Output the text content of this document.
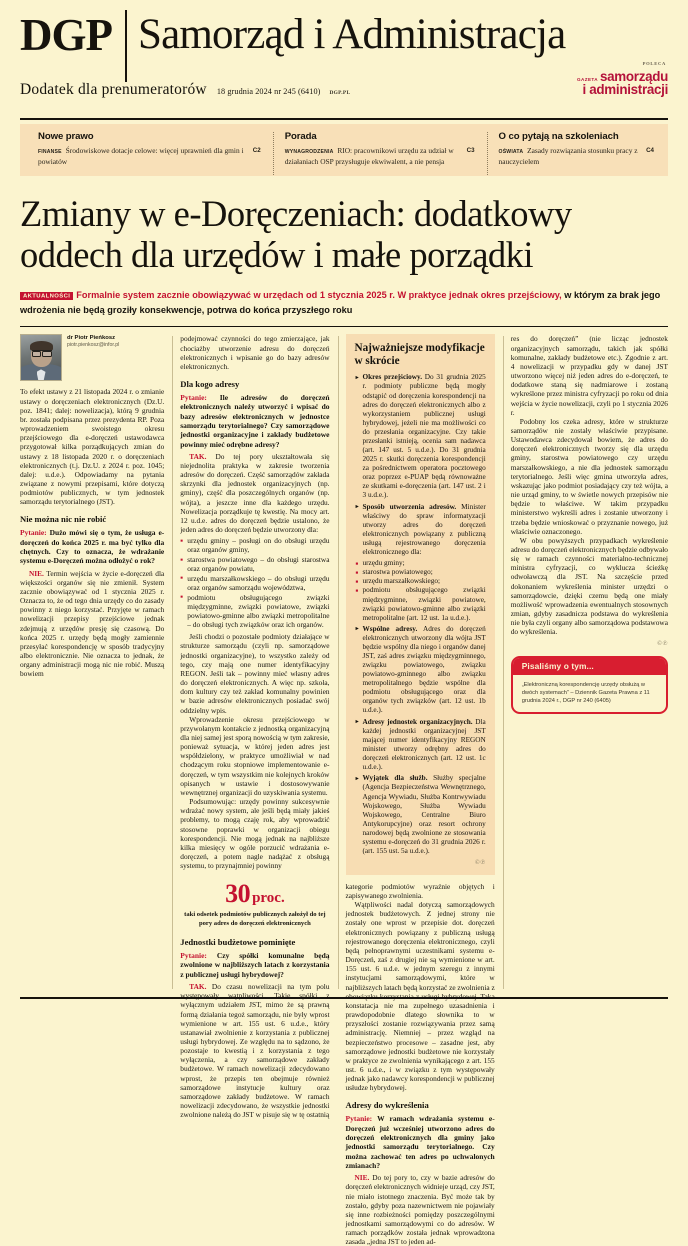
DGP Samorząd i Administracja
Dodatek dla prenumeratorów 18 grudnia 2024 nr 245 (6410) DGP.PL
POLECA
GAZETA samorządu
i administracji
Nowe prawo
C2
FINANSE Środowiskowe dotacje celowe: więcej uprawnień dla gmin i powiatów
Porada
C3
WYNAGRODZENIA RIO: pracownikowi urzędu za udział w działaniach OSP przysługuje ekwiwalent, a nie pensja
O co pytają na szkoleniach
C4
OŚWIATA Zasady rozwiązania stosunku pracy z nauczycielem
Zmiany w e-Doręczeniach: dodatkowy oddech dla urzędów i małe porządki
AKTUALNOŚCI Formalnie system zacznie obowiązywać w urzędach od 1 stycznia 2025 r. W praktyce jednak okres przejściowy, w którym za brak jego wdrożenia nie będą groziły konsekwencje, potrwa do końca przyszłego roku
dr Piotr Pieńkosz
piotr.pienkosz@infor.pl

To efekt ustawy z 21 listopada 2024 r. o zmianie ustawy o doręczeniach elektronicznych (Dz.U. poz. 1841; dalej: nowelizacja), którą 9 grudnia br. została podpisana przez prezydenta RP. Poza wprowadzeniem swoistego okresu przejściowego dla e-doręczeń ustawodawca przygotował kilka porządkujących zmian do ustawy z 18 listopada 2020 r. o doręczeniach elektronicznych (t.j. Dz.U. z 2024 r. poz. 1045; dalej: u.d.e.). Odpowiadamy na pytania związane z nowymi przepisami, które dotyczą podmiotów publicznych, w tym jednostek samorządu terytorialnego (JST).

Nie można nic nie robić

Pytanie: Dużo mówi się o tym, że usługa e-doręczeń do końca 2025 r. ma być tylko dla chętnych. Czy to oznacza, że wdrażanie systemu e-Doręczeń można odłożyć o rok?

NIE. Termin wejścia w życie e-doręczeń dla większości organów się nie zmienił. System zacznie obowiązywać od 1 stycznia 2025 r. Oznacza to, że od tego dnia urzędy co do zasady powinny z niego korzystać. Przyjęte w ramach nowelizacji przepisy przejściowe jednak zdejmują z urzędów presję się czasową. Do końca 2025 r. urzędy będą mogły zamiennie przesyłać korespondencję w sposób tradycyjny albo elektronicznie. Nie oznacza to jednak, że organy administracji mogą nic nie robić. Muszą bowiem

podejmować czynności do tego zmierzające, jak chociażby utworzenie adresu do doręczeń elektronicznych i wpisanie go do bazy adresów elektronicznych.

Dla kogo adresy

Pytanie: Ile adresów do doręczeń elektronicznych należy utworzyć i wpisać do bazy adresów elektronicznych w jednostce samorządu terytorialnego? Czy samorządowe jednostki organizacyjne i zakłady budżetowe powinny mieć odrębne adresy?

TAK. Do tej pory ukształtowała się niejednolita praktyka w zakresie tworzenia adresów do doręczeń. Część samorządów zakłada skrzynki dla jednostek organizacyjnych (np. gminy), część dla poszczególnych organów (np. wójta), a jeszcze inne dla każdego urzędu. Nowelizacja porządkuje tę kwestię. Na mocy art. 12 u.d.e. adres do doręczeń będzie ustalono, że jeden adres do doręczeń będzie utworzony dla:

■ urzędu gminy – posługi on do obsługi urzędu oraz organów gminy,
■ starostwa powiatowego – do obsługi starostwa oraz organów powiatu,
■ urzędu marszałkowskiego – do obsługi urzędu oraz organów samorządu województwa,
■ podmiotu obsługującego związki międzygminne, związki powiatowe, związki powiatowo-gminne albo związki metropolitalne – do obsługi tych związków oraz ich organów.

Jeśli chodzi o pozostałe podmioty działające w strukturze samorządu (czyli np. samorządowe jednostki organizacyjne), to wszystko zależy od tego, czy mają one numer identyfikacyjny REGON. Jeśli tak – powinny mieć własny adres do doręczeń elektronicznych. A więc np. szkoła, dom kultury czy też zakład komunalny powinien w bazie adresów elektronicznych posiadać swój oddzielny wpis.

Wprowadzenie okresu przejściowego w przywołanym kontakcie z jednostką organizacyjną dla niej samej jest sporą nowością w tym zakresie, ponieważ sytuacja, w której jeden adres jest współdzielony, w praktyce umożliwiał w nad chodzącym roku stopniowe implementowanie e-doręczeń, w tym wszystkim nie kolejnych kroków opisanych w ustawie i dostosowywanie wewnętrznej organizacji do uzyskiwania systemu.

Podsumowując: urzędy powinny sukcesywnie wdrażać nowy system, ale jeśli będą miały jakieś problemy, to mogą czaję rok, aby wprowadzić stosowne poprawki w organizacji obiegu korespondencji. Nie mogą jednak na najbliższe kilka miesięcy w ogóle porzucić wdrażania e-doręczeń, a potem nagle nadążać z obsługą systemu, to przynajmniej powinny

30 proc.
taki odsetek podmiotów publicznych założył do tej pory adres do doręczeń elektronicznych
Jednostki budżetowe pominięte

Pytanie: Czy spółki komunalne będą zwolnione w najbliższych latach z korzystania z publicznej usługi hybrydowej?

TAK. Do czasu nowelizacji na tym polu występowały wątpliwości. Takie spółki z wyłącznym udziałem JST, mimo że są prawną formą działania tegoż samorządu, nie były wprost wymienione w art. 155 ust. 6 u.d.e., który ustanawiał zwolnienie z korzystania z publicznej usługi hybrydowej. Ze względu na to sądzono, że pozostaje to kwestią i z korzystania z tego wyłączenia, a czy samorządowe zakłady budżetowe. W ramach nowelizacji zdecydowano wprost, że przepis ten obejmuje również samorządowe instytucje kultury oraz samorządowe zakłady budżetowe. W ramach nowelizacji zdecydowano, że wszystkie jednostki zwolnione należą do JST w pisuje się w tę ostatnią

Najważniejsze modyfikacje w skrócie
► Okres przejściowy. Do 31 grudnia 2025 r. podmioty publiczne będą mogły odstąpić od doręczenia korespondencji na adres do doręczeń elektronicznych albo z wykorzystaniem publicznej usługi hybrydowej, jeżeli nie ma możliwości co do przesłania organizacyjne. Czy takie przesłanki istnieją, ocenia sam nadawca (art. 147 ust. 5 u.d.e.). Do 31 grudnia 2025 r. skutki doręczenia korespondencji za pośrednictwem operatora pocztowego oraz poprzez e-PUAP będą równoważne ze skutkami e-doręczenia (art. 147 ust. 2 i 3 u.d.e.).
► Sposób utworzenia adresów. Minister właściwy do spraw informatyzacji utworzy adres do doręczeń elektronicznych powiązany z publiczną usługą rejestrowanego doręczenia elektronicznego dla:
■ urzędu gminy;
■ starostwa powiatowego;
■ urzędu marszałkowskiego;
■ podmiotu obsługującego związki międzygminne, związki powiatowe, związki powiatowo-gminne albo związki metropolitalne (art. 12 ust. 1a u.d.e.).
► Wspólne adresy. Adres do doręczeń elektronicznych utworzony dla wójta JST będzie wspólny dla niego i organów danej JST, zaś adres związku międzygminnego, związku powiatowego, związku powiatowo-gminnego albo związku metropolitalnego będzie wspólne dla podmiotu obsługującego oraz dla organów tych związków (art. 12 ust. 1b u.d.e.).
► Adresy jednostek organizacyjnych. Dla każdej jednostki organizacyjnej JST mającej numer identyfikacyjny REGON minister utworzy odrębny adres do doręczeń elektronicznych (art. 12 ust. 1c u.d.e.).
► Wyjątek dla służb. Służby specjalne (Agencja Bezpieczeństwa Wewnętrznego, Agencja Wywiadu, Służba Kontrwywiadu Wojskowego, Służba Wywiadu Wojskowego, Centralne Biuro Antykorupcyjne) oraz resort ochrony narodowej będą zwolnione ze stosowania systemu e-doręczeń do 31 grudnia 2026 r. (art. 155 ust. 5a u.d.e.).
©℗

kategorie podmiotów wyraźnie objętych i zapisywanego zwolnienia.

Wątpliwości nadal dotyczą samorządowych jednostek budżetowych. Z jednej strony nie zostały one wprost w przepisie dot. doręczeń elektronicznych powiązany z publiczną usługą rejestrowanego doręczenia elektronicznego, czyli będą pełnoprawnymi uczestnikami systemu e-Doręczeń, zaś z drugiej nie są wymienione w art. 155 ust. 6 u.d.e. w jednym szeregu z innymi instytucjami samorządowymi, które w najbliższych latach będą korzystać ze zwolnienia z obowiązku korzystania z usługi hybrydowej. Taka konstatacja nie ma zupełnego uzasadnienia i prawdopodobnie dlatego słownika to w przyszłości zostanie rozwiązywania przez samą administrację. Niemniej – przez wzgląd na bezpieczeństwo procesowe – zasadne jest, aby samorządowe jednostki budżetowe nie korzystały w praktyce ze zwolnienia wynikającego z art. 155 ust. 6 u.d.e., i w związku z tym występowały jednak jako nadawcy korespondencji w publicznej usłudze hybrydowej.

Adresy do wykreślenia

Pytanie: W ramach wdrażania systemu e-Doręczeń już wcześniej utworzono adres do doręczeń elektronicznych dla gminy jako jednostki samorządu terytorialnego. Czy można zachować ten adres po uchwalonych zmianach?

NIE. Do tej pory to, czy w bazie adresów do doręczeń elektronicznych widnieje urząd, czy JST, nie miało istotnego znaczenia. Być może tak by zostało, gdyby poza nazewnictwem nie pojawiały się inne rozbieżności pomiędzy poszczególnymi jednostkami samorządowymi co do adresów. W ramach porządków została jednak wprowadzona zasada „jedna JST to jeden ad-

res do doręczeń” (nie licząc jednostek organizacyjnych samorządu, takich jak spółki komunalne, zakłady budżetowe etc.). Zgodnie z art. 4 nowelizacji w przypadku gdy w danej JST utworzono więcej niż jeden adres do e-doręczeń, te dodatkowe staną się nadmiarowe i zostaną wykreślone przez ministra cyfryzacji po roku od dnia wejścia w życie nowelizacji, czyli po 1 stycznia 2026 r.

Podobny los czeka adresy, które w strukturze samorządów nie zostały właściwie przypisane. Ustawodawca zdecydował bowiem, że adres do doręczeń elektronicznych tworzy się dla urzędu gminy, starostwa powiatowego czy urzędu marszałkowskiego, a nie dla jednostek samorządu terytorialnego. Jeśli więc gmina utworzyła adres, wskazując jako podmiot posiadający czy też wójta, a nie urząd gminy, to w świetle nowych przepisów nie będzie to właściwe. W takim przypadku ministerstwo wykreśli adres i zostanie utworzony i trzeba będzie wnioskować o przyznanie nowego, już właściwie oznaczonego.

W obu powyższych przypadkach wykreślenie adresu do doręczeń elektronicznych będzie odbywało się w ramach czynności materialno-technicznej ministra cyfryzacji, co wyklucza ścieżkę odwoławczą dla JST. Na szczęście przed dokonaniem wykreślenia minister urzędzi o samorządowcie, dzięki czemu będą one miały możliwość wprowadzenia ewentualnych stosownych zmian, gdyby zasadnicza podstawa do wykreślenia nie była czyli organy albo samorządowa podstawowa do wykreślenia.

©℗
Pisaliśmy o tym...
„Elektroniczną korespondencję urzędy obsłużą w dwóch systemach” – Dziennik Gazeta Prawna z 11 grudnia 2024 r., DGP nr 240 (6405)
